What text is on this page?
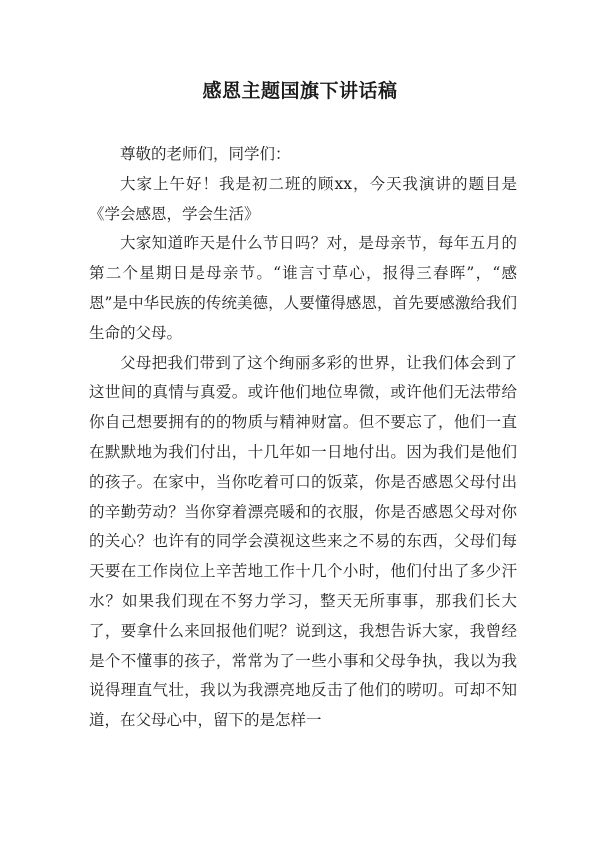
感恩主题国旗下讲话稿

尊敬的老师们，同学们：

大家上午好！我是初二班的顾xx，今天我演讲的题目是《学会感恩，学会生活》

大家知道昨天是什么节日吗？对，是母亲节，每年五月的第二个星期日是母亲节。“谁言寸草心，报得三春晖”，“感恩”是中华民族的传统美德，人要懂得感恩，首先要感激给我们生命的父母。

父母把我们带到了这个绚丽多彩的世界，让我们体会到了这世间的真情与真爱。或许他们地位卑微，或许他们无法带给你自己想要拥有的的物质与精神财富。但不要忘了，他们一直在默默地为我们付出，十几年如一日地付出。因为我们是他们的孩子。在家中，当你吃着可口的饭菜，你是否感恩父母付出的辛勤劳动？当你穿着漂亮暖和的衣服，你是否感恩父母对你的关心？也许有的同学会漠视这些来之不易的东西，父母们每天要在工作岗位上辛苦地工作十几个小时，他们付出了多少汗水？如果我们现在不努力学习，整天无所事事，那我们长大了，要拿什么来回报他们呢？说到这，我想告诉大家，我曾经是个不懂事的孩子，常常为了一些小事和父母争执，我以为我说得理直气壮，我以为我漂亮地反击了他们的唠叨。可却不知道，在父母心中，留下的是怎样一
